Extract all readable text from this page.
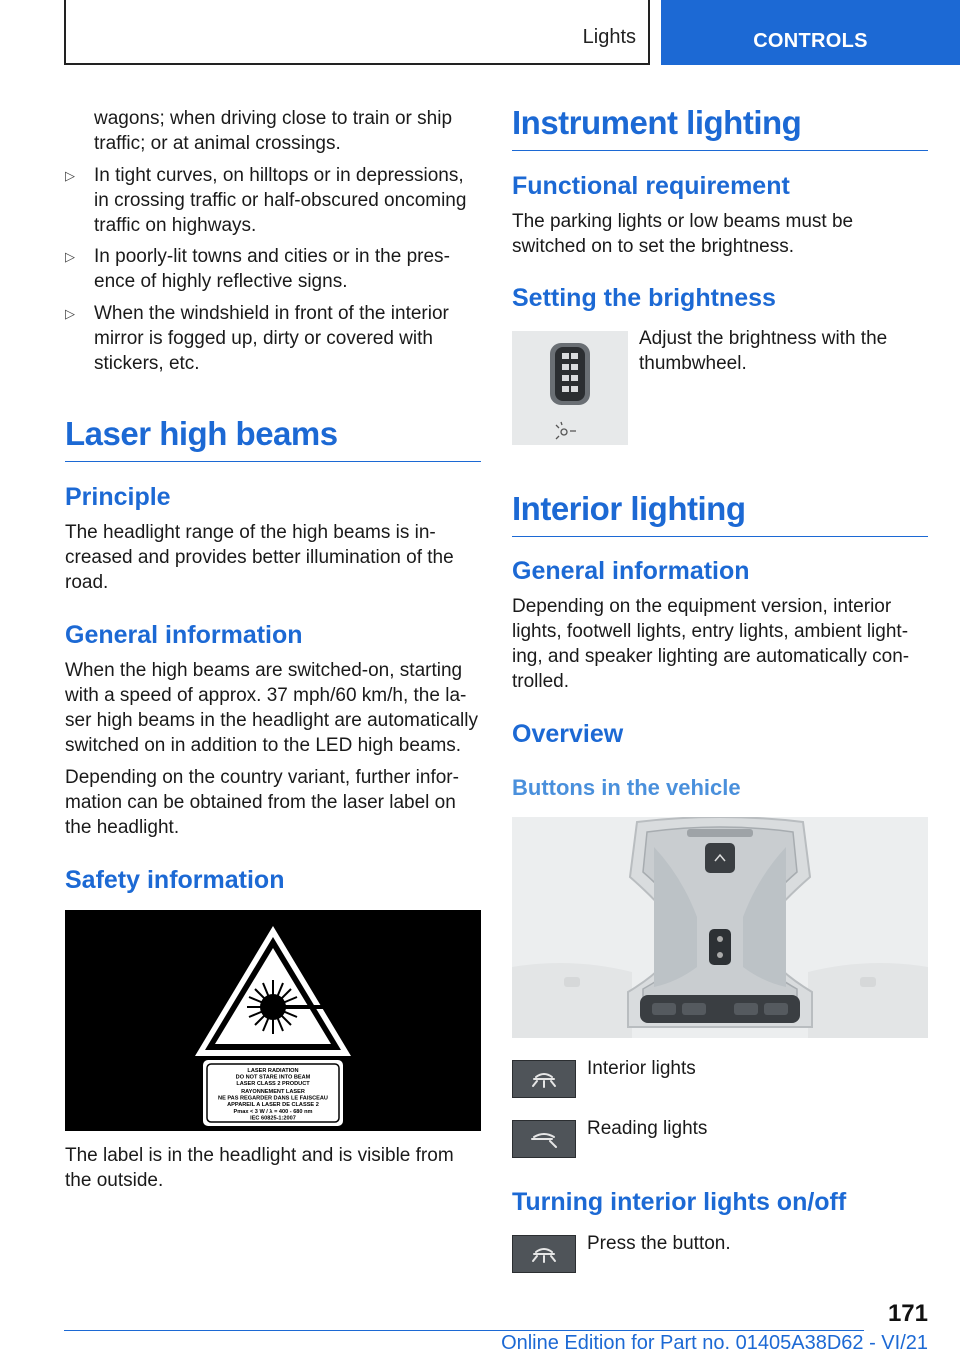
Lights	CONTROLS
wagons; when driving close to train or ship traffic; or at animal crossings.
▷ In tight curves, on hilltops or in depressions, in crossing traffic or half-obscured oncoming traffic on highways.
▷ In poorly-lit towns and cities or in the presence of highly reflective signs.
▷ When the windshield in front of the interior mirror is fogged up, dirty or covered with stickers, etc.
Laser high beams
Principle
The headlight range of the high beams is increased and provides better illumination of the road.
General information
When the high beams are switched-on, starting with a speed of approx. 37 mph/60 km/h, the laser high beams in the headlight are automatically switched on in addition to the LED high beams.
Depending on the country variant, further information can be obtained from the laser label on the headlight.
Safety information
LASER RADIATION
DO NOT STARE INTO BEAM
LASER CLASS 2 PRODUCT
RAYONNEMENT LASER
NE PAS REGARDER DANS LE FAISCEAU
APPAREIL A LASER DE CLASSE 2
Pmax < 3 W / λ = 400 - 680 nm
IEC 60825-1:2007
The label is in the headlight and is visible from the outside.
Instrument lighting
Functional requirement
The parking lights or low beams must be switched on to set the brightness.
Setting the brightness
Adjust the brightness with the thumbwheel.
Interior lighting
General information
Depending on the equipment version, interior lights, footwell lights, entry lights, ambient lighting, and speaker lighting are automatically controlled.
Overview
Buttons in the vehicle
Interior lights
Reading lights
Turning interior lights on/off
Press the button.
171
Online Edition for Part no. 01405A38D62 - VI/21
